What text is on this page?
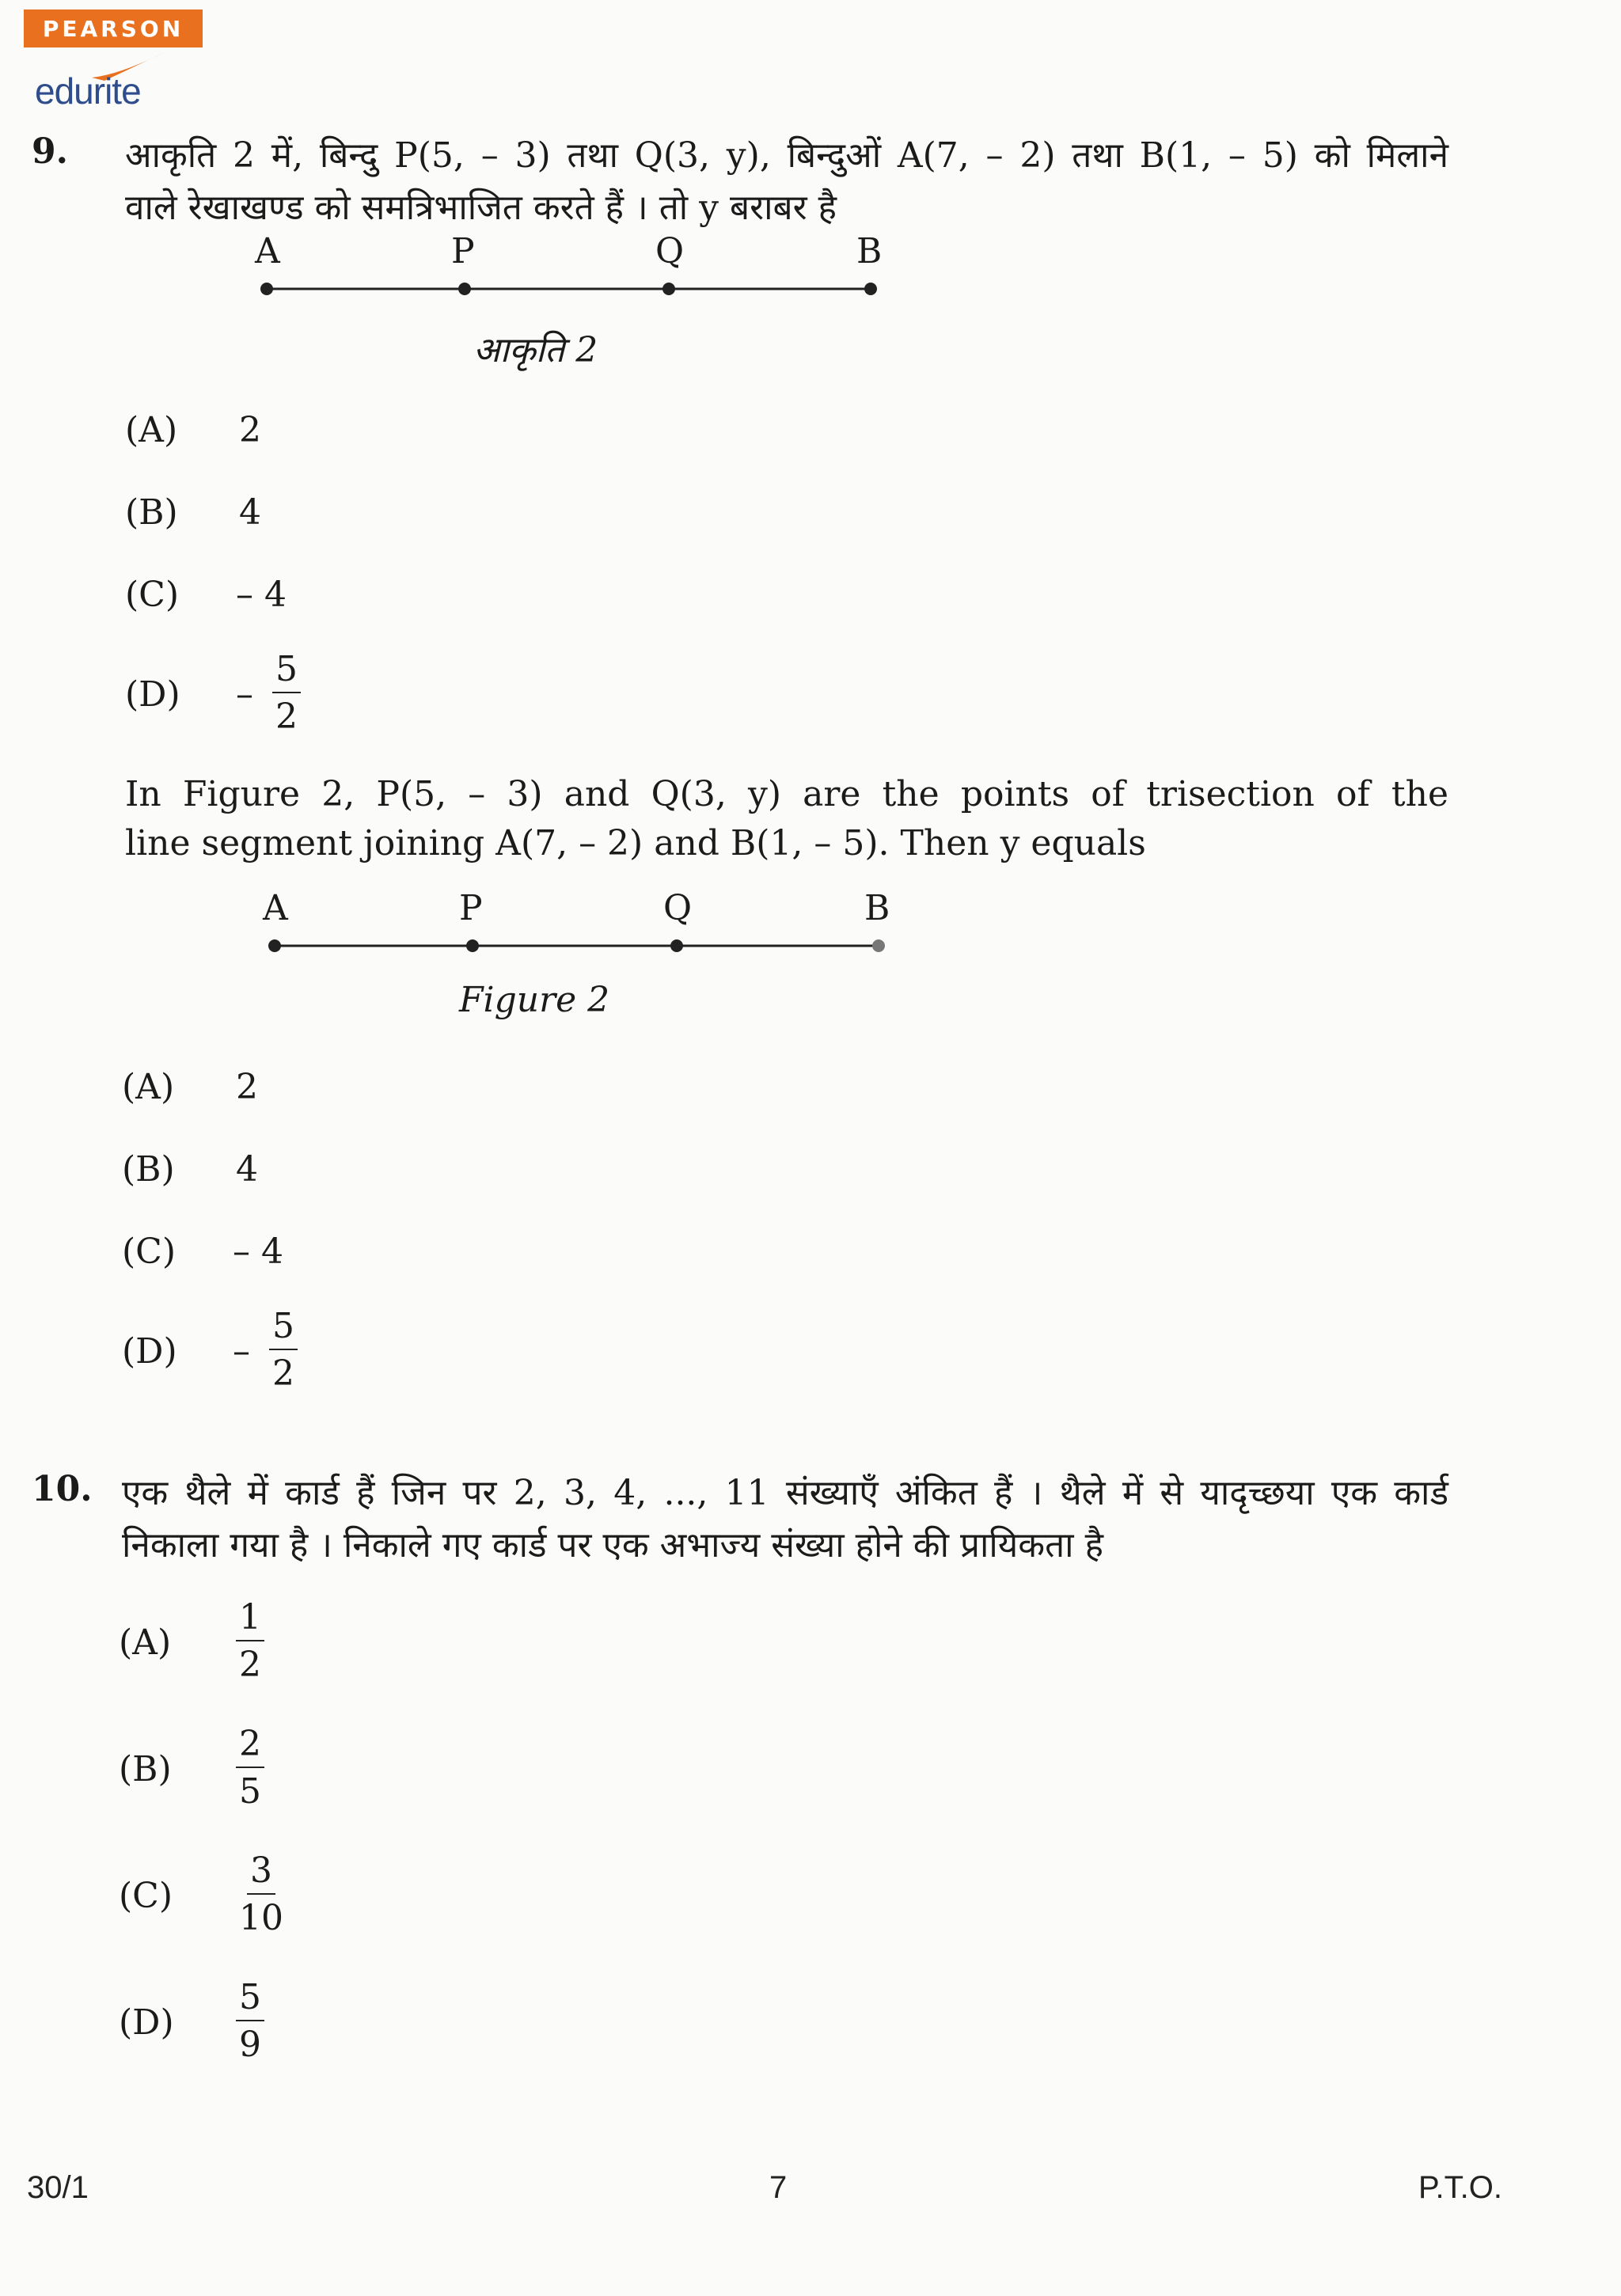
PEARSON
edurite
9. आकृति 2 में, बिन्दु P(5, – 3) तथा Q(3, y), बिन्दुओं A(7, – 2) तथा B(1, – 5) को मिलाने
वाले रेखाखण्ड को समत्रिभाजित करते हैं । तो y बराबर है
A	P	Q	B
आकृति 2
(A) 2
(B) 4
(C) – 4
$(D) - \frac{5}{2}$
In Figure 2, P(5, – 3) and Q(3, y) are the points of trisection of the
line segment joining A(7, – 2) and B(1, – 5). Then y equals
A	P	Q	B
Figure 2
(A) 2
(B) 4
(C) – 4
$(D) - \frac{5}{2}$
10. एक थैले में कार्ड हैं जिन पर 2, 3, 4, ..., 11 संख्याएँ अंकित हैं । थैले में से यादृच्छया एक कार्ड
निकाला गया है । निकाले गए कार्ड पर एक अभाज्य संख्या होने की प्रायिकता है
$(A) \frac{1}{2}$
$(B) \frac{2}{5}$
$(C) \frac{3}{10}$
$(D) \frac{5}{9}$
30/1	7	P.T.O.
